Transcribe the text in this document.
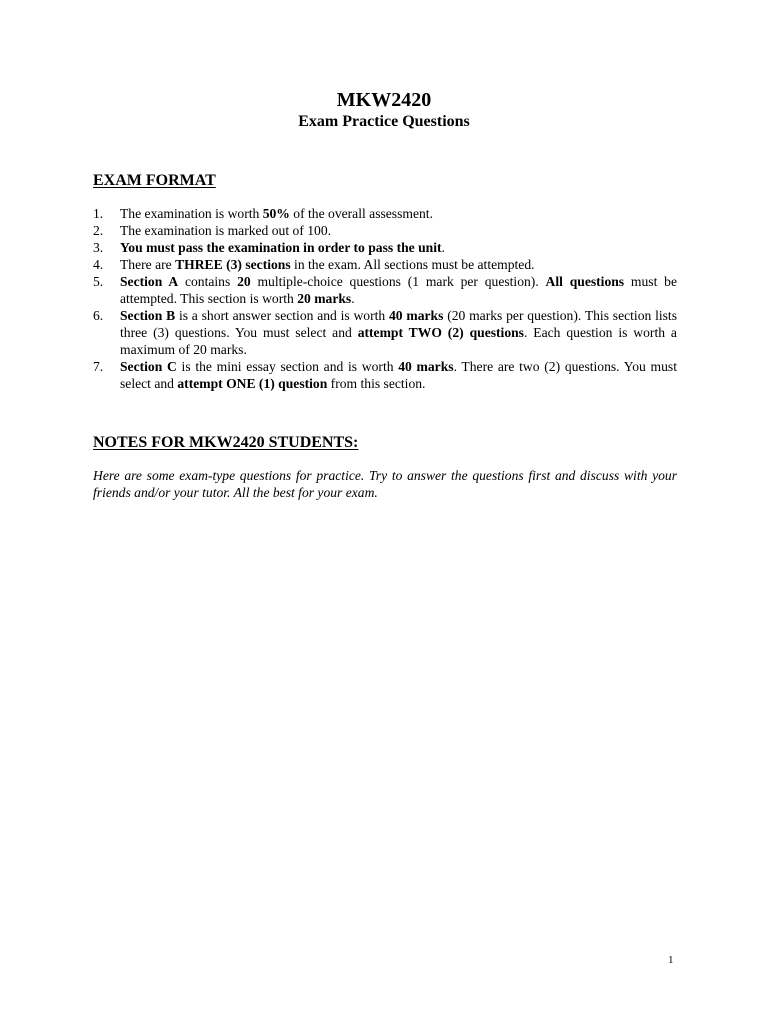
MKW2420
Exam Practice Questions
EXAM FORMAT
1. The examination is worth 50% of the overall assessment.
2. The examination is marked out of 100.
3. You must pass the examination in order to pass the unit.
4. There are THREE (3) sections in the exam. All sections must be attempted.
5. Section A contains 20 multiple-choice questions (1 mark per question). All questions must be attempted. This section is worth 20 marks.
6. Section B is a short answer section and is worth 40 marks (20 marks per question). This section lists three (3) questions. You must select and attempt TWO (2) questions. Each question is worth a maximum of 20 marks.
7. Section C is the mini essay section and is worth 40 marks. There are two (2) questions. You must select and attempt ONE (1) question from this section.
NOTES FOR MKW2420 STUDENTS:

Here are some exam-type questions for practice. Try to answer the questions first and discuss with your friends and/or your tutor. All the best for your exam.

1
